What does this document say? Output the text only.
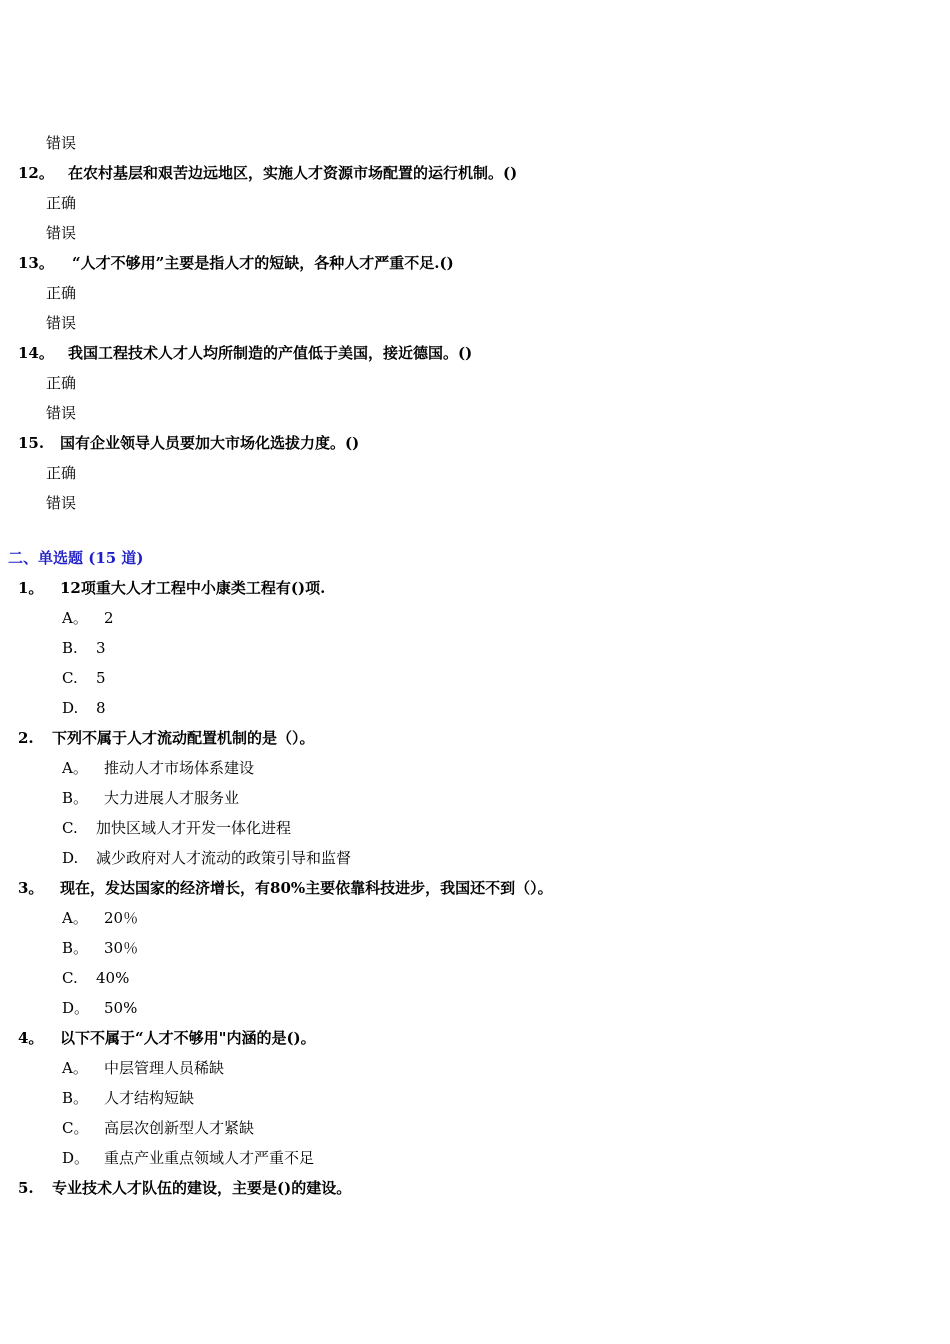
错误
12。 在农村基层和艰苦边远地区，实施人才资源市场配置的运行机制。()
正确
错误
13。 “人才不够用”主要是指人才的短缺，各种人才严重不足.()
正确
错误
14。 我国工程技术人才人均所制造的产值低于美国，接近德国。()
正确
错误
15. 国有企业领导人员要加大市场化选拔力度。()
正确
错误
二、单选题 (15 道)
1。 12项重大人才工程中小康类工程有()项.
A。 2
B. 3
C. 5
D. 8
2. 下列不属于人才流动配置机制的是（）。
A。 推动人才市场体系建设
B。 大力进展人才服务业
C. 加快区域人才开发一体化进程
D. 减少政府对人才流动的政策引导和监督
3。 现在，发达国家的经济增长，有80%主要依靠科技进步，我国还不到（）。
A。 20％
B。 30％
C. 40%
D。 50%
4。 以下不属于“人才不够用"内涵的是()。
A。 中层管理人员稀缺
B。 人才结构短缺
C。 高层次创新型人才紧缺
D。 重点产业重点领域人才严重不足
5. 专业技术人才队伍的建设，主要是()的建设。
